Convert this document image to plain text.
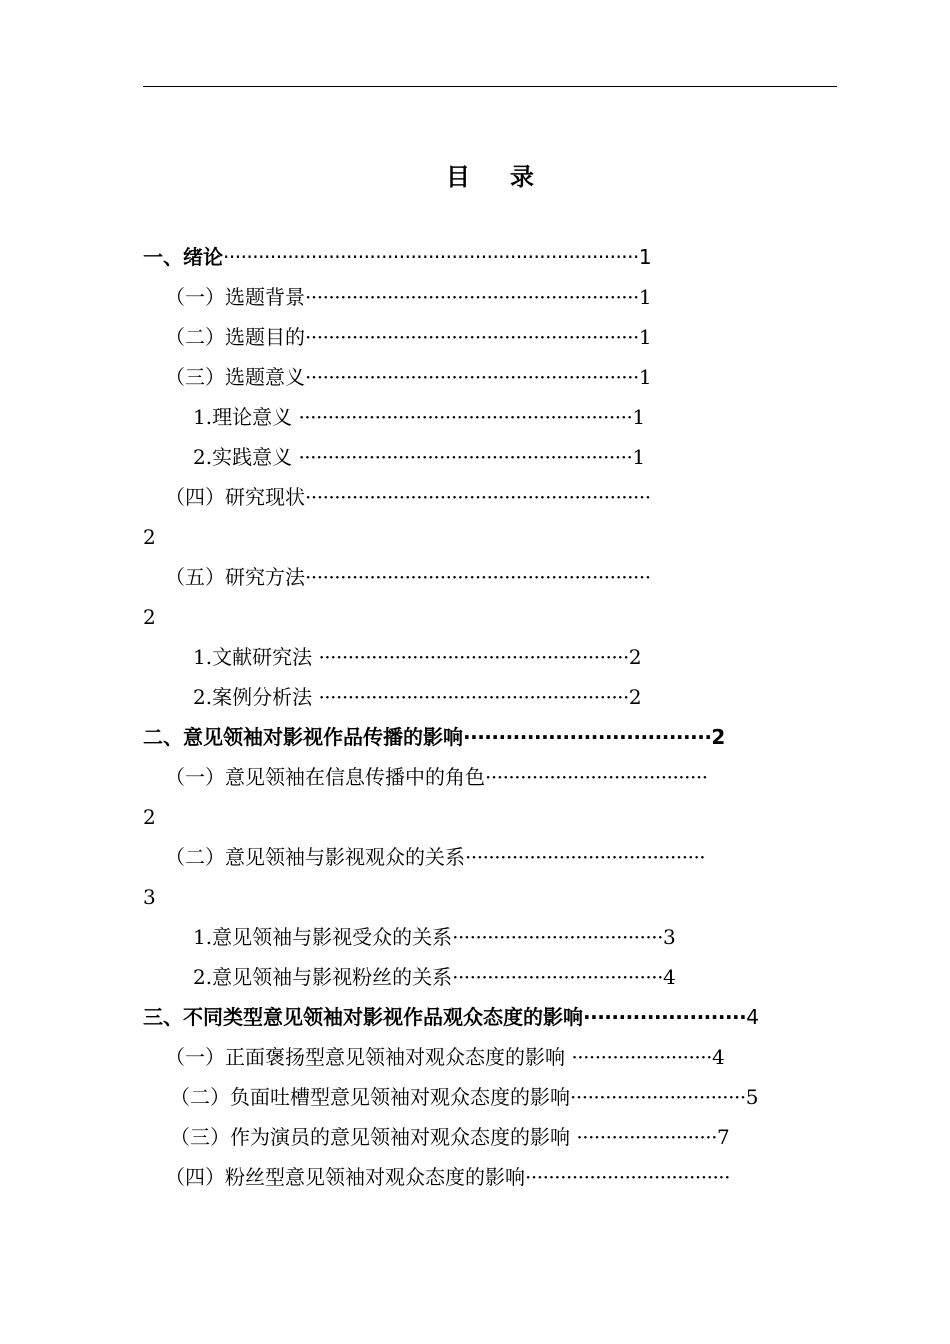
目 录
一、绪论·······································································1
（一）选题背景·························································1
（二）选题目的·························································1
（三）选题意义·························································1
1.理论意义 ·························································1
2.实践意义 ·························································1
（四）研究现状···························································
2
（五）研究方法···························································
2
1.文献研究法 ·····················································2
2.案例分析法 ·····················································2
二、意见领袖对影视作品传播的影响···································2
（一）意见领袖在信息传播中的角色······································
2
（二）意见领袖与影视观众的关系·········································
3
1.意见领袖与影视受众的关系····································3
2.意见领袖与影视粉丝的关系····································4
三、不同类型意见领袖对影视作品观众态度的影响·······················4
（一）正面褒扬型意见领袖对观众态度的影响 ························4
（二）负面吐槽型意见领袖对观众态度的影响······························5
（三）作为演员的意见领袖对观众态度的影响 ························7
（四）粉丝型意见领袖对观众态度的影响···································
